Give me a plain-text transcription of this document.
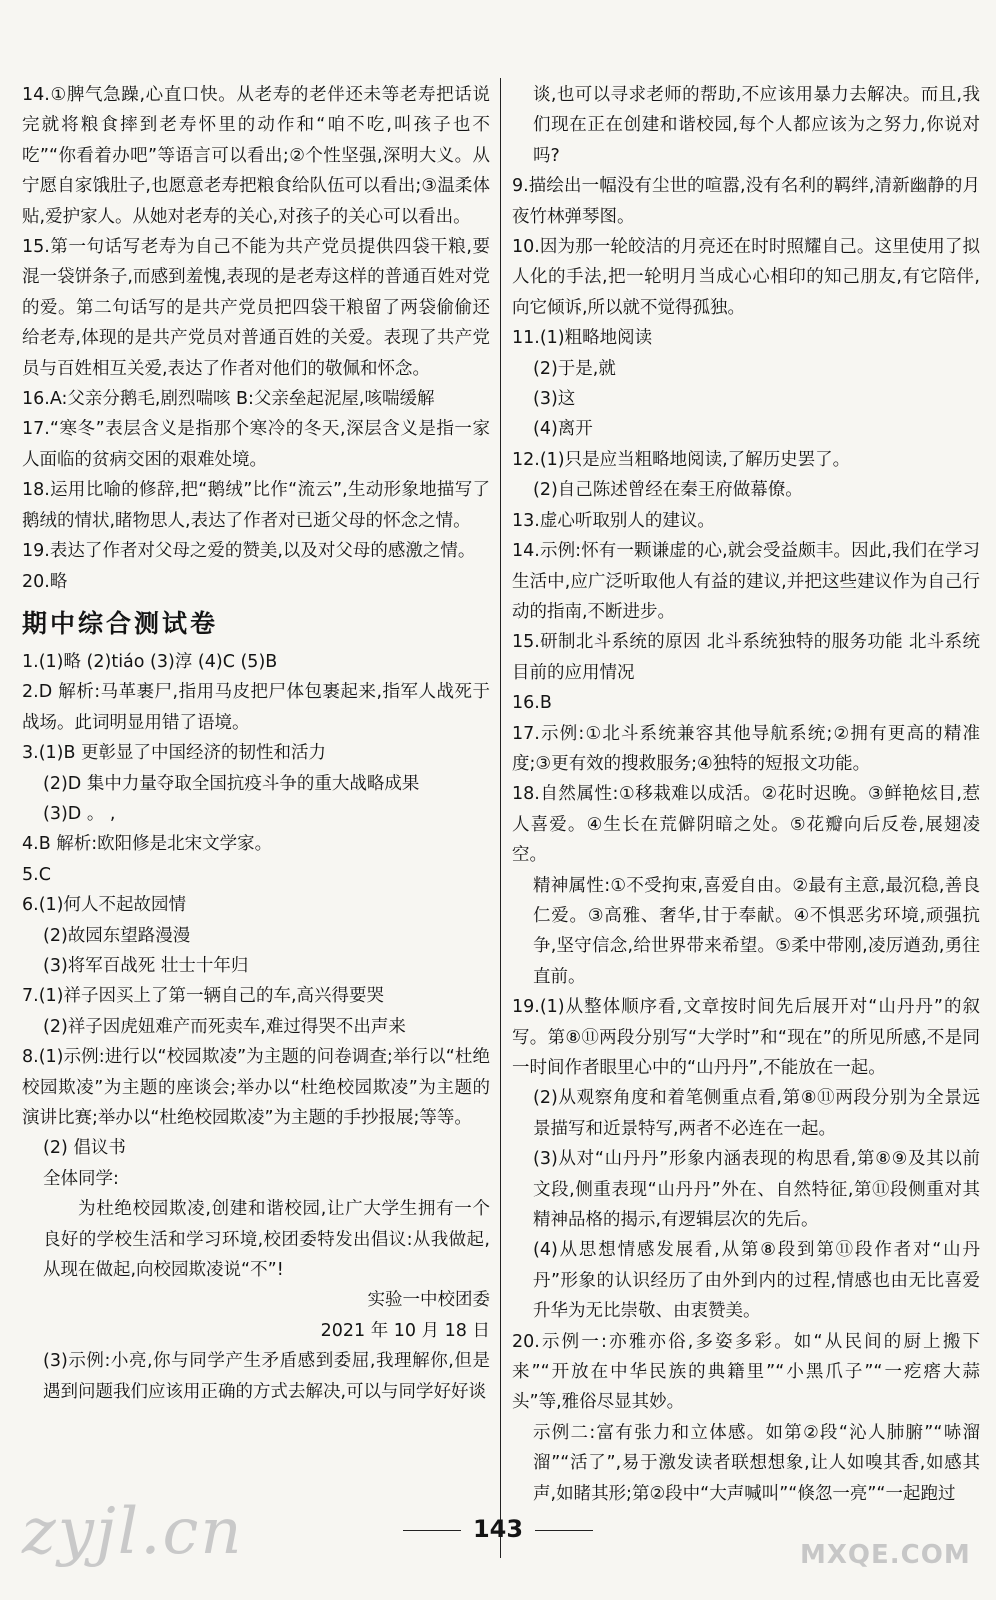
14.①脾气急躁,心直口快。从老寿的老伴还未等老寿把话说完就将粮食摔到老寿怀里的动作和“咱不吃,叫孩子也不吃”“你看着办吧”等语言可以看出;②个性坚强,深明大义。从宁愿自家饿肚子,也愿意老寿把粮食给队伍可以看出;③温柔体贴,爱护家人。从她对老寿的关心,对孩子的关心可以看出。
15.第一句话写老寿为自己不能为共产党员提供四袋干粮,要混一袋饼条子,而感到羞愧,表现的是老寿这样的普通百姓对党的爱。第二句话写的是共产党员把四袋干粮留了两袋偷偷还给老寿,体现的是共产党员对普通百姓的关爱。表现了共产党员与百姓相互关爱,表达了作者对他们的敬佩和怀念。
16.A:父亲分鹅毛,剧烈喘咳 B:父亲垒起泥屋,咳喘缓解
17.“寒冬”表层含义是指那个寒冷的冬天,深层含义是指一家人面临的贫病交困的艰难处境。
18.运用比喻的修辞,把“鹅绒”比作“流云”,生动形象地描写了鹅绒的情状,睹物思人,表达了作者对已逝父母的怀念之情。
19.表达了作者对父母之爱的赞美,以及对父母的感激之情。
20.略
期中综合测试卷
1.(1)略 (2)tiáo (3)淳 (4)C (5)B
2.D 解析:马革裹尸,指用马皮把尸体包裹起来,指军人战死于战场。此词明显用错了语境。
3.(1)B 更彰显了中国经济的韧性和活力
(2)D 集中力量夺取全国抗疫斗争的重大战略成果
(3)D 。 ,
4.B 解析:欧阳修是北宋文学家。
5.C
6.(1)何人不起故园情
(2)故园东望路漫漫
(3)将军百战死 壮士十年归
7.(1)祥子因买上了第一辆自己的车,高兴得要哭
(2)祥子因虎妞难产而死卖车,难过得哭不出声来
8.(1)示例:进行以“校园欺凌”为主题的问卷调查;举行以“杜绝校园欺凌”为主题的座谈会;举办以“杜绝校园欺凌”为主题的演讲比赛;举办以“杜绝校园欺凌”为主题的手抄报展;等等。
(2) 倡议书
全体同学:
为杜绝校园欺凌,创建和谐校园,让广大学生拥有一个良好的学校生活和学习环境,校团委特发出倡议:从我做起,从现在做起,向校园欺凌说“不”!
实验一中校团委
2021 年 10 月 18 日
(3)示例:小亮,你与同学产生矛盾感到委屈,我理解你,但是遇到问题我们应该用正确的方式去解决,可以与同学好好谈
谈,也可以寻求老师的帮助,不应该用暴力去解决。而且,我们现在正在创建和谐校园,每个人都应该为之努力,你说对吗?
9.描绘出一幅没有尘世的喧嚣,没有名利的羁绊,清新幽静的月夜竹林弹琴图。
10.因为那一轮皎洁的月亮还在时时照耀自己。这里使用了拟人化的手法,把一轮明月当成心心相印的知己朋友,有它陪伴,向它倾诉,所以就不觉得孤独。
11.(1)粗略地阅读
(2)于是,就
(3)这
(4)离开
12.(1)只是应当粗略地阅读,了解历史罢了。
(2)自己陈述曾经在秦王府做幕僚。
13.虚心听取别人的建议。
14.示例:怀有一颗谦虚的心,就会受益颇丰。因此,我们在学习生活中,应广泛听取他人有益的建议,并把这些建议作为自己行动的指南,不断进步。
15.研制北斗系统的原因 北斗系统独特的服务功能 北斗系统目前的应用情况
16.B
17.示例:①北斗系统兼容其他导航系统;②拥有更高的精准度;③更有效的搜救服务;④独特的短报文功能。
18.自然属性:①移栽难以成活。②花时迟晚。③鲜艳炫目,惹人喜爱。④生长在荒僻阴暗之处。⑤花瓣向后反卷,展翅凌空。
精神属性:①不受拘束,喜爱自由。②最有主意,最沉稳,善良仁爱。③高雅、奢华,甘于奉献。④不惧恶劣环境,顽强抗争,坚守信念,给世界带来希望。⑤柔中带刚,凌厉遒劲,勇往直前。
19.(1)从整体顺序看,文章按时间先后展开对“山丹丹”的叙写。第⑧⑪两段分别写“大学时”和“现在”的所见所感,不是同一时间作者眼里心中的“山丹丹”,不能放在一起。
(2)从观察角度和着笔侧重点看,第⑧⑪两段分别为全景远景描写和近景特写,两者不必连在一起。
(3)从对“山丹丹”形象内涵表现的构思看,第⑧⑨及其以前文段,侧重表现“山丹丹”外在、自然特征,第⑪段侧重对其精神品格的揭示,有逻辑层次的先后。
(4)从思想情感发展看,从第⑧段到第⑪段作者对“山丹丹”形象的认识经历了由外到内的过程,情感也由无比喜爱升华为无比崇敬、由衷赞美。
20.示例一:亦雅亦俗,多姿多彩。如“从民间的厨上搬下来”“开放在中华民族的典籍里”“小黑爪子”“一疙瘩大蒜头”等,雅俗尽显其妙。
示例二:富有张力和立体感。如第②段“沁人肺腑”“哧溜溜”“活了”,易于激发读者联想想象,让人如嗅其香,如感其声,如睹其形;第②段中“大声喊叫”“倏忽一亮”“一起跑过
143
zyjl.cn	MXQE.COM
